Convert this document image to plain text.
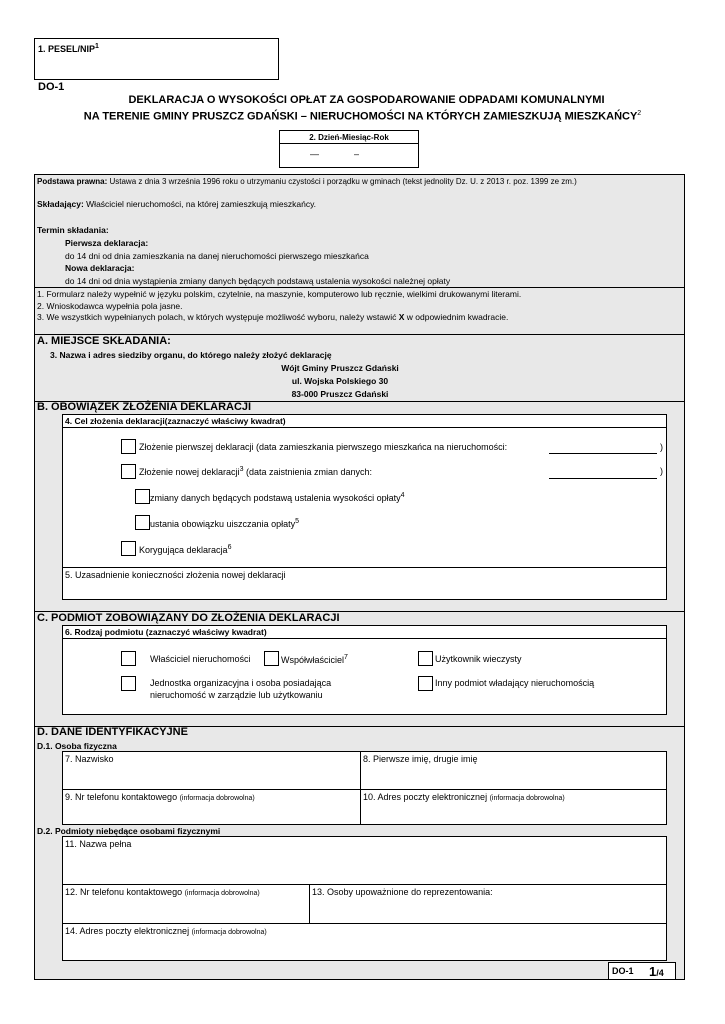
1. PESEL/NIP$^1$
DO-1
DEKLARACJA O WYSOKOŚCI OPŁAT ZA GOSPODAROWANIE ODPADAMI KOMUNALNYMI
NA TERENIE GMINY PRUSZCZ GDAŃSKI – NIERUCHOMOŚCI NA KTÓRYCH ZAMIESZKUJĄ MIESZKAŃCY$^2$
2. Dzień-Miesiąc-Rok
—	–
Podstawa prawna: Ustawa z dnia 3 września 1996 roku o utrzymaniu czystości i porządku w gminach (tekst jednolity Dz. U. z 2013 r. poz. 1399 ze zm.)
Składający: Właściciel nieruchomości, na której zamieszkują mieszkańcy.
Termin składania:
Pierwsza deklaracja:
do 14 dni od dnia zamieszkania na danej nieruchomości pierwszego mieszkańca
Nowa deklaracja:
do 14 dni od dnia wystąpienia zmiany danych będących podstawą ustalenia wysokości należnej opłaty
1. Formularz należy wypełnić w języku polskim, czytelnie, na maszynie, komputerowo lub ręcznie, wielkimi drukowanymi literami.
2. Wnioskodawca wypełnia pola jasne.
3. We wszystkich wypełnianych polach, w których występuje możliwość wyboru, należy wstawić X w odpowiednim kwadracie.
A. MIEJSCE SKŁADANIA:
3. Nazwa i adres siedziby organu, do którego należy złożyć deklarację
Wójt Gminy Pruszcz Gdański
ul. Wojska Polskiego 30
83-000 Pruszcz Gdański
B. OBOWIĄZEK ZŁOŻENIA DEKLARACJI
4. Cel złożenia deklaracji(zaznaczyć właściwy kwadrat)
Złożenie pierwszej deklaracji (data zamieszkania pierwszego mieszkańca na nieruchomości:	)
Złożenie nowej deklaracji$^3$ (data zaistnienia zmian danych:	)
zmiany danych będących podstawą ustalenia wysokości opłaty$^4$
ustania obowiązku uiszczania opłaty$^5$
Korygująca deklaracja$^6$
5. Uzasadnienie konieczności złożenia nowej deklaracji
C. PODMIOT ZOBOWIĄZANY DO ZŁOŻENIA DEKLARACJI
6. Rodzaj podmiotu (zaznaczyć właściwy kwadrat)
Właściciel nieruchomości	Współwłaściciel$^7$	Użytkownik wieczysty
Jednostka organizacyjna i osoba posiadająca
nieruchomość w zarządzie lub użytkowaniu
Inny podmiot władający nieruchomością
D. DANE IDENTYFIKACYJNE
D.1. Osoba fizyczna
7. Nazwisko	8. Pierwsze imię, drugie imię
9. Nr telefonu kontaktowego (informacja dobrowolna)	10. Adres poczty elektronicznej (informacja dobrowolna)
D.2. Podmioty niebędące osobami fizycznymi
11. Nazwa pełna
12. Nr telefonu kontaktowego (informacja dobrowolna)	13. Osoby upoważnione do reprezentowania:
14. Adres poczty elektronicznej (informacja dobrowolna)
DO-1 1/4
